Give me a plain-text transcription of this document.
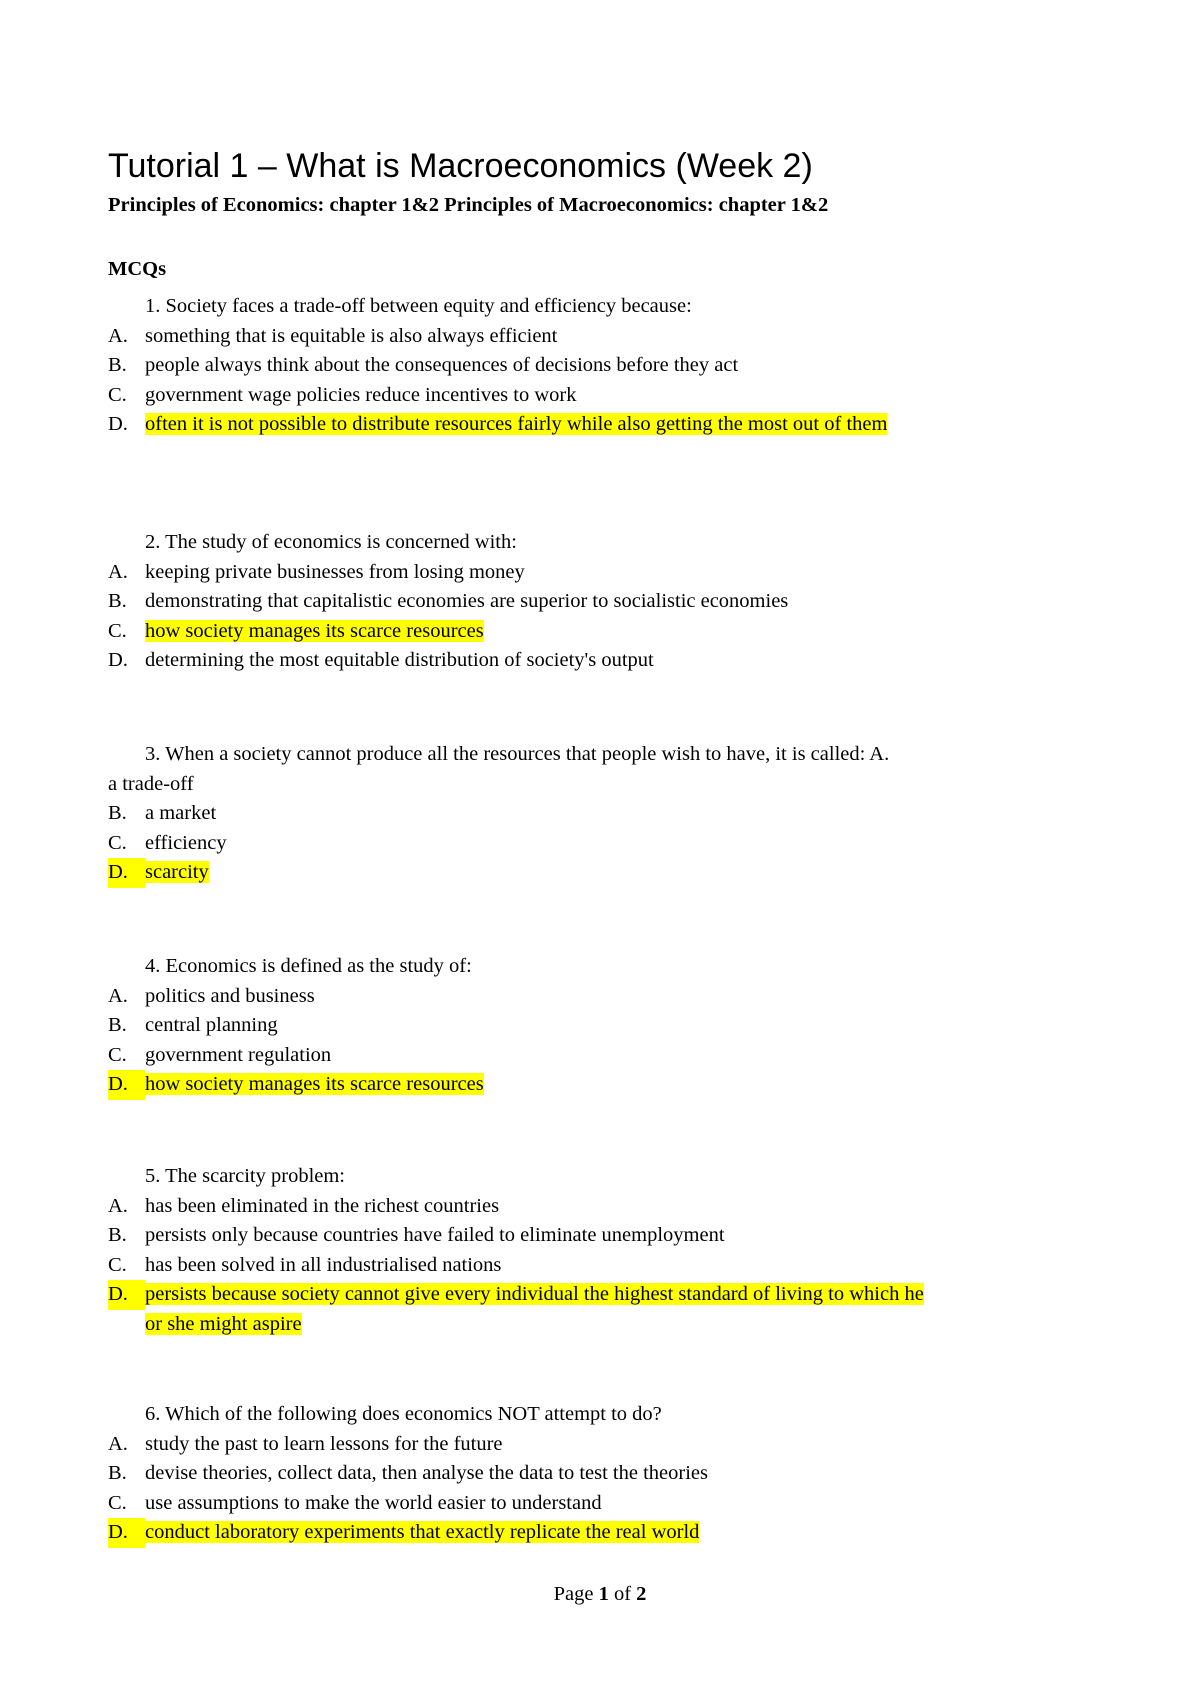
Tutorial 1 – What is Macroeconomics (Week 2)
Principles of Economics: chapter 1&2 Principles of Macroeconomics: chapter 1&2
MCQs
1. Society faces a trade-off between equity and efficiency because:
A. something that is equitable is also always efficient
B. people always think about the consequences of decisions before they act
C. government wage policies reduce incentives to work
D. often it is not possible to distribute resources fairly while also getting the most out of them
2. The study of economics is concerned with:
A. keeping private businesses from losing money
B. demonstrating that capitalistic economies are superior to socialistic economies
C. how society manages its scarce resources
D. determining the most equitable distribution of society's output
3. When a society cannot produce all the resources that people wish to have, it is called: A.
a trade-off
B. a market
C. efficiency
D. scarcity
4. Economics is defined as the study of:
A. politics and business
B. central planning
C. government regulation
D. how society manages its scarce resources
5. The scarcity problem:
A. has been eliminated in the richest countries
B. persists only because countries have failed to eliminate unemployment
C. has been solved in all industrialised nations
D. persists because society cannot give every individual the highest standard of living to which he
or she might aspire
6. Which of the following does economics NOT attempt to do?
A. study the past to learn lessons for the future
B. devise theories, collect data, then analyse the data to test the theories
C. use assumptions to make the world easier to understand
D. conduct laboratory experiments that exactly replicate the real world
Page 1 of 2
